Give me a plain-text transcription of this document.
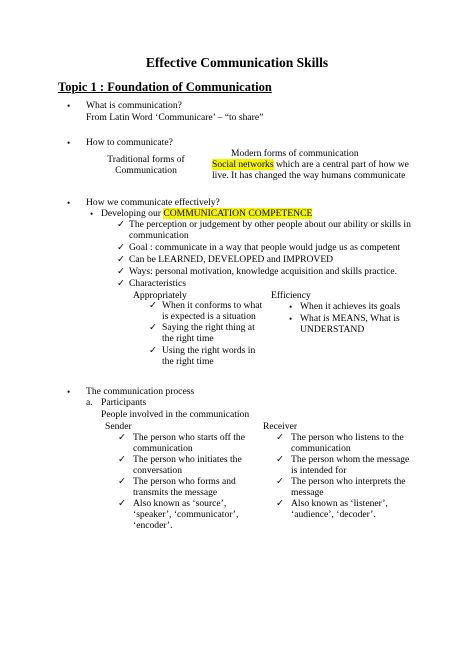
Effective Communication Skills
Topic 1 : Foundation of Communication
• What is communication?
From Latin Word ‘Communicare’ – “to share”
• How to communicate?
Traditional forms of
Communication
Modern forms of communication
Social networks which are a central part of how we
live. It has changed the way humans communicate
• How we communicate effectively?
• Developing our COMMUNICATION COMPETENCE
✓ The perception or judgement by other people about our ability or skills in
communication
✓ Goal : communicate in a way that people would judge us as competent
✓ Can be LEARNED, DEVELOPED and IMPROVED
✓ Ways: personal motivation, knowledge acquisition and skills practice.
✓ Characteristics
Appropriately	Efficiency
✓ When it conforms to what
is expected is a situation
✓ Saying the right thing at
the right time
✓ Using the right words in
the right time
• When it achieves its goals
• What is MEANS, What is
UNDERSTAND
• The communication process
a. Participants
People involved in the communication
Sender	Receiver
✓ The person who starts off the
communication
✓ The person who initiates the
conversation
✓ The person who forms and
transmits the message
✓ Also known as ‘source’,
‘speaker’, ‘communicator’,
‘encoder’.
✓ The person who listens to the
communication
✓ The person whom the message
is intended for
✓ The person who interprets the
message
✓ Also known as ‘listener’,
‘audience’, ‘decoder’.
